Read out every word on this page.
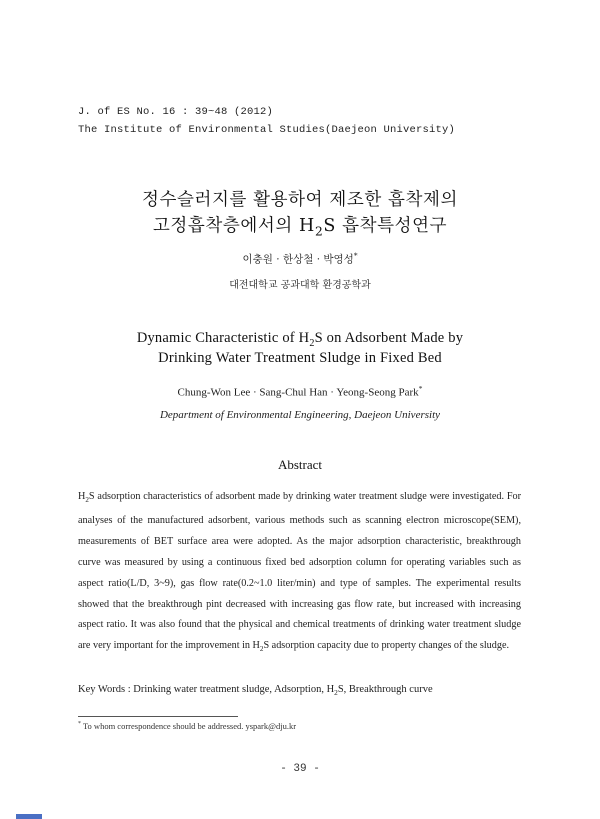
J. of ES No. 16 : 39~48 (2012)
The Institute of Environmental Studies(Daejeon University)
정수슬러지를 활용하여 제조한 흡착제의
고정흡착층에서의 $H_2S$ 흡착특성연구
이충원 · 한상철 · 박영성*
대전대학교 공과대학 환경공학과
Dynamic Characteristic of $H_2S$ on Adsorbent Made by
Drinking Water Treatment Sludge in Fixed Bed
Chung-Won Lee · Sang-Chul Han · Yeong-Seong Park*
Department of Environmental Engineering, Daejeon University
Abstract
$H_2S$ adsorption characteristics of adsorbent made by drinking water treatment sludge were investigated. For analyses of the manufactured adsorbent, various methods such as scanning electron microscope(SEM), measurements of BET surface area were adopted. As the major adsorption characteristic, breakthrough curve was measured by using a continuous fixed bed adsorption column for operating variables such as aspect ratio(L/D, 3~9), gas flow rate(0.2~1.0 liter/min) and type of samples. The experimental results showed that the breakthrough pint decreased with increasing gas flow rate, but increased with increasing aspect ratio. It was also found that the physical and chemical treatments of drinking water treatment sludge are very important for the improvement in $H_2S$ adsorption capacity due to property changes of the sludge.
Key Words : Drinking water treatment sludge, Adsorption, $H_2S$, Breakthrough curve
* To whom correspondence should be addressed. yspark@dju.kr
- 39 -
